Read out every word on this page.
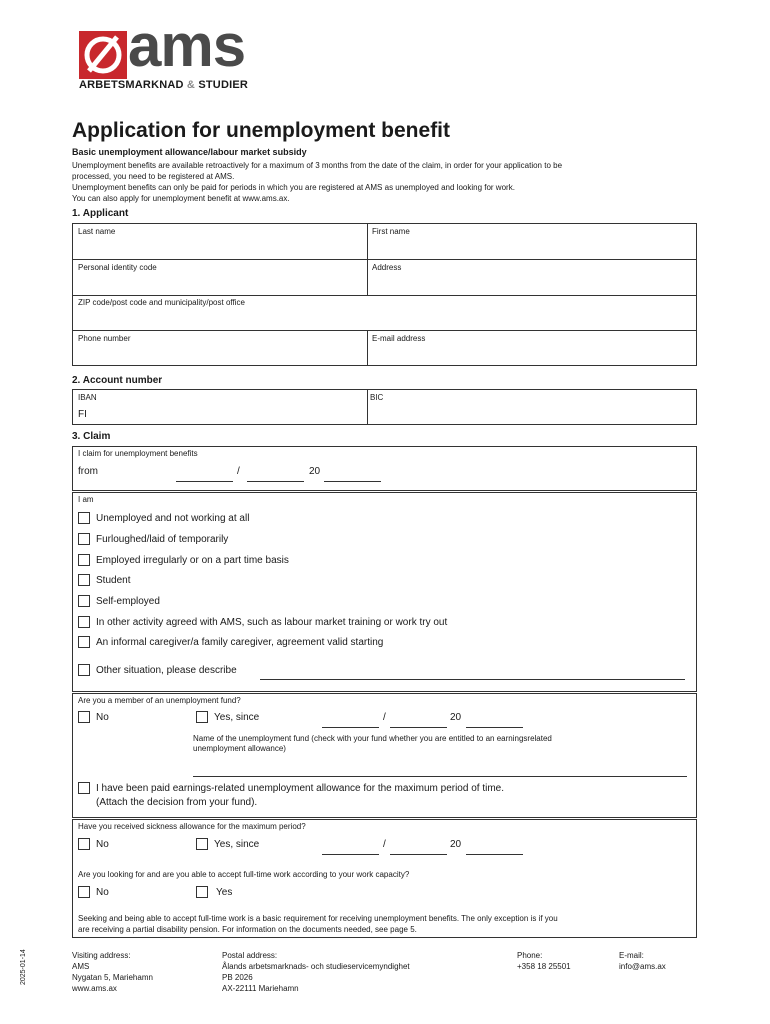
ams
ARBETSMARKNAD & STUDIER
Application for unemployment benefit
Basic unemployment allowance/labour market subsidy
Unemployment benefits are available retroactively for a maximum of 3 months from the date of the claim, in order for your application to be
processed, you need to be registered at AMS.
Unemployment benefits can only be paid for periods in which you are registered at AMS as unemployed and looking for work.
You can also apply for unemployment benefit at www.ams.ax.
1. Applicant
Last name	First name
Personal identity code	Address
ZIP code/post code and municipality/post office
Phone number	E-mail address
2. Account number
IBAN
FI
BIC
3. Claim
I claim for unemployment benefits
from	/	20
I am
Unemployed and not working at all
Furloughed/laid of temporarily
Employed irregularly or on a part time basis
Student
Self-employed
In other activity agreed with AMS, such as labour market training or work try out
An informal caregiver/a family caregiver, agreement valid starting
Other situation, please describe
Are you a member of an unemployment fund?
No	Yes, since	/	20
Name of the unemployment fund (check with your fund whether you are entitled to an earningsrelated
unemployment allowance)
I have been paid earnings-related unemployment allowance for the maximum period of time.
(Attach the decision from your fund).
Have you received sickness allowance for the maximum period?
No	Yes, since	/	20
Are you looking for and are you able to accept full-time work according to your work capacity?
No	Yes
Seeking and being able to accept full-time work is a basic requirement for receiving unemployment benefits. The only exception is if you
are receiving a partial disability pension. For information on the documents needed, see page 5.
2025-01-14	Visiting address:
AMS
Nygatan 5, Mariehamn
www.ams.ax
Postal address:
Ålands arbetsmarknads- och studieservicemyndighet
PB 2026
AX-22111 Mariehamn
Phone:
+358 18 25501
E-mail:
info@ams.ax
